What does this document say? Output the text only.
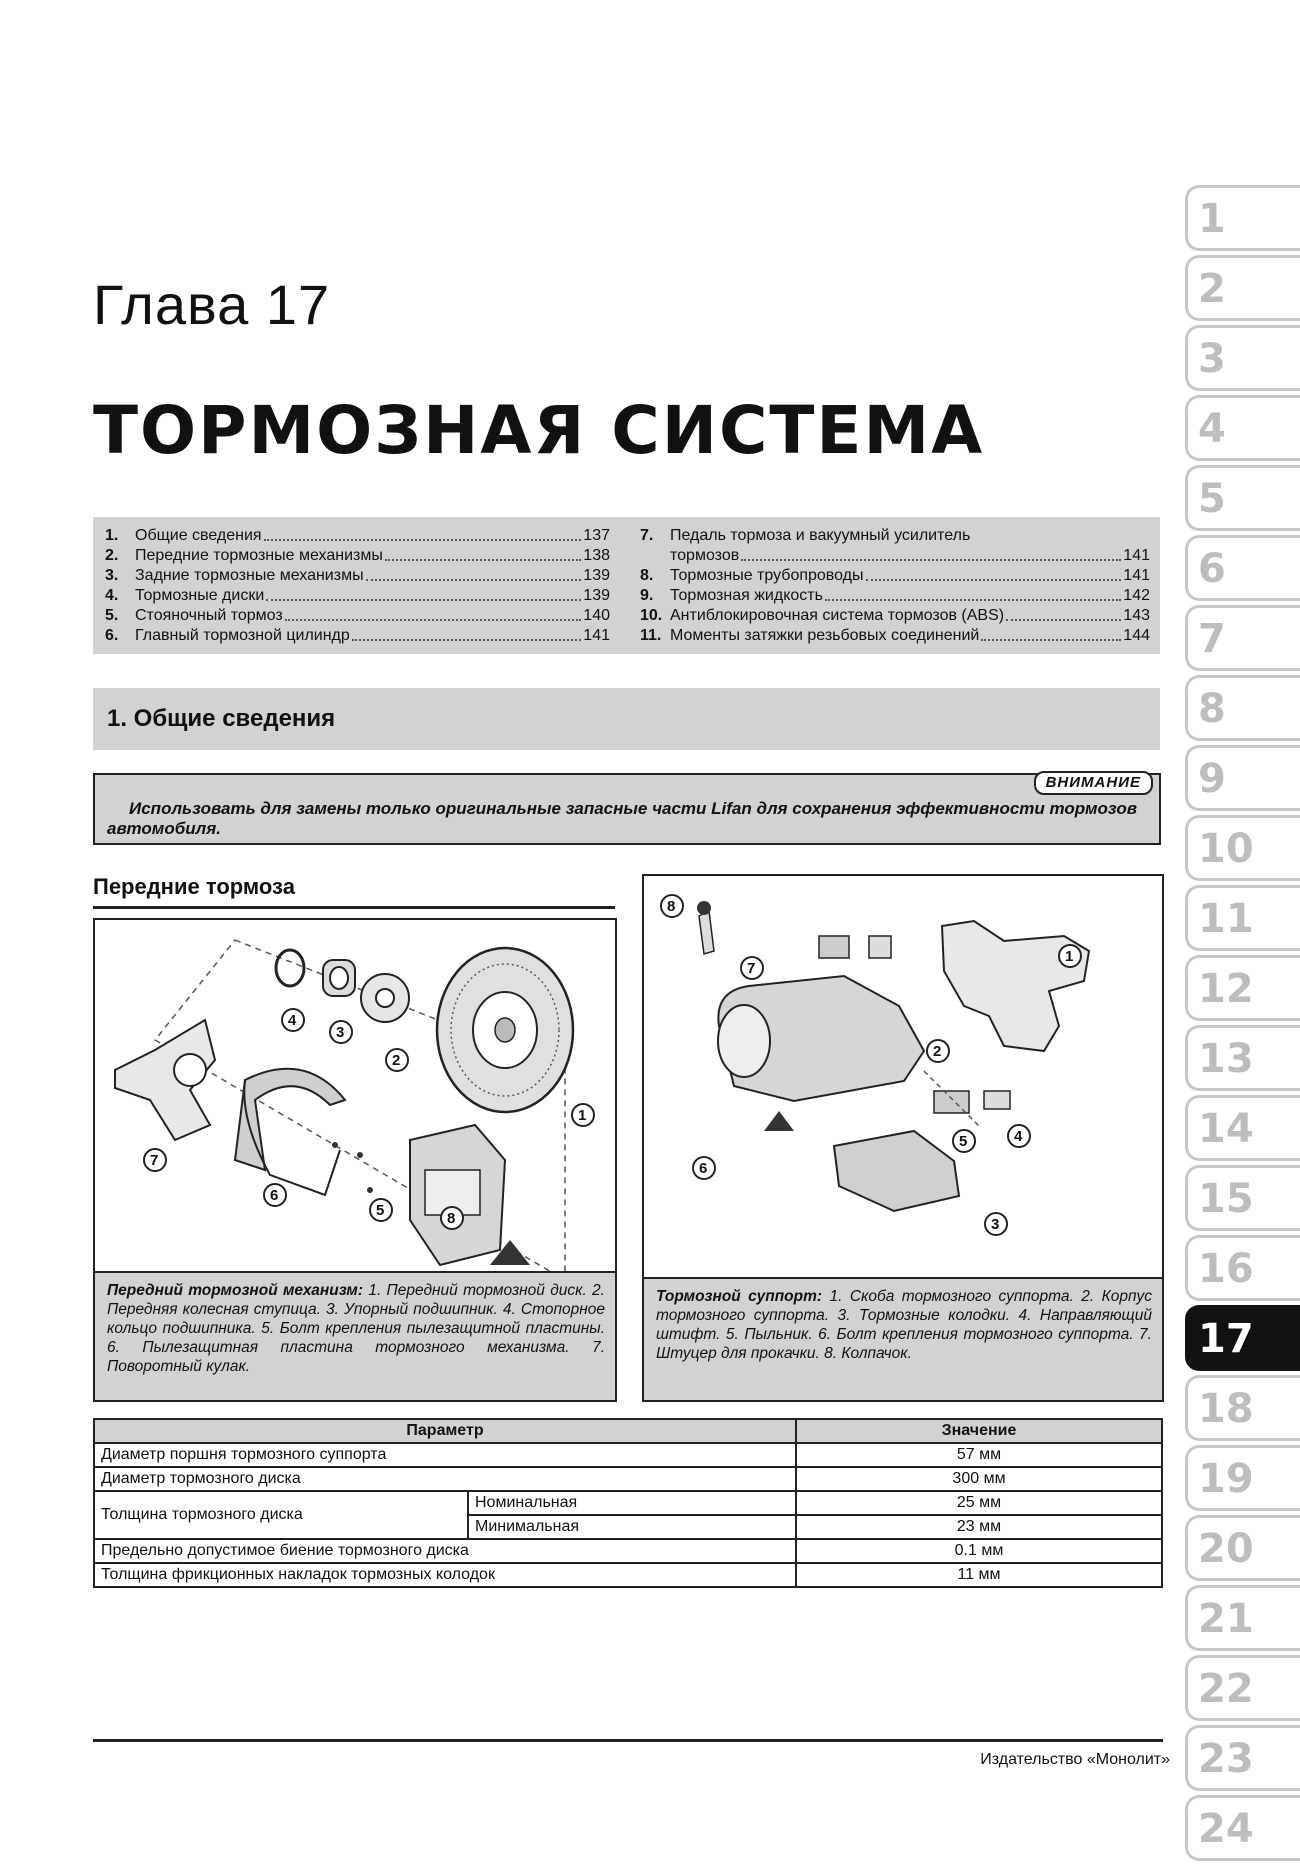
Глава 17
ТОРМОЗНАЯ СИСТЕМА
1.	Общие сведения	137
2.	Передние тормозные механизмы	138
3.	Задние тормозные механизмы	139
4.	Тормозные диски	139
5.	Стояночный тормоз	140
6.	Главный тормозной цилиндр	141
7.	Педаль тормоза и вакуумный усилитель
тормозов	141
8.	Тормозные трубопроводы	141
9.	Тормозная жидкость	142
10. Антиблокировочная система тормозов (ABS)	143
11. Моменты затяжки резьбовых соединений	144
1. Общие сведения
ВНИМАНИЕ
Использовать для замены только оригинальные запасные части Lifan для сохранения эффективности тормозов автомобиля.
Передние тормоза
4
3
2
1
7
6
5	8
Передний тормозной механизм: 1. Передний тормозной диск. 2. Передняя колесная ступица. 3. Упорный подшипник. 4. Стопорное кольцо подшипника. 5. Болт крепления пылезащитной пластины. 6. Пылезащитная пластина тормозного механизма. 7. Поворотный кулак.
8
7
1
2
5	4
6
3
Тормозной суппорт: 1. Скоба тормозного суппорта. 2. Корпус тормозного суппорта. 3. Тормозные колодки. 4. Направляющий штифт. 5. Пыльник. 6. Болт крепления тормозного суппорта. 7. Штуцер для прокачки. 8. Колпачок.
Параметр		Значение
Диаметр поршня тормозного суппорта		57 мм
Диаметр тормозного диска		300 мм
Толщина тормозного диска	Номинальная	25 мм
	Минимальная	23 мм
Предельно допустимое биение тормозного диска		0.1 мм
Толщина фрикционных накладок тормозных колодок		11 мм
1
2
3
4
5
6
7
8
9
10
11
12
13
14
15
16
17
18
19
20
21
22
23
24
Издательство «Монолит»
